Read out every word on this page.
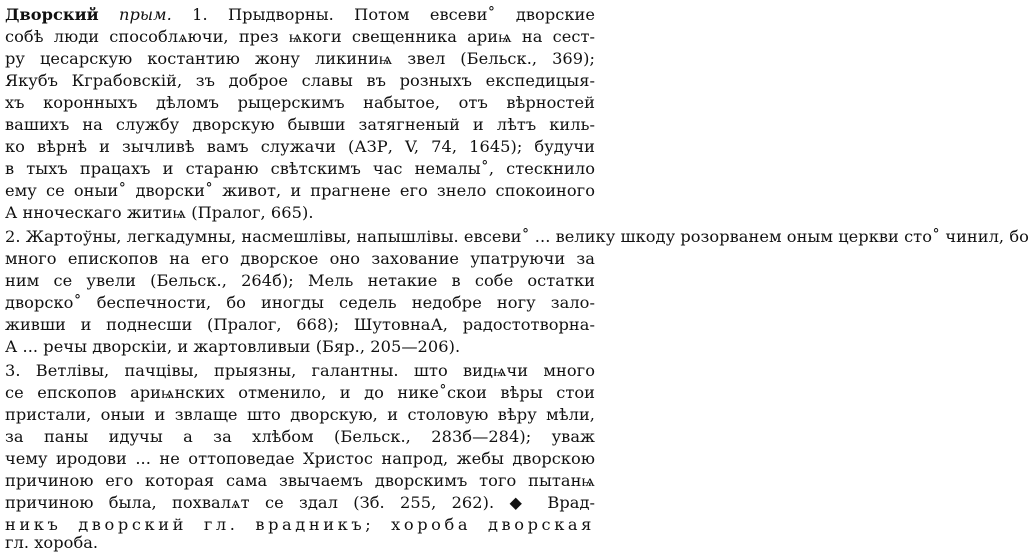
Дворский прым. 1. Прыдворны. Потом евсеви˚ дворские
собѣ люди способлѧючи, през ѩкоги свещенника ариѩ на сест-
ру цесарскую костантию жону ликиниѩ звел (Бельск., 369);
Якубъ Кграбовскій, зъ доброе славы въ розныхъ експедицыя-
хъ коронныхъ дѣломъ рыцерскимъ набытое, отъ вѣрностей
вашихъ на службу дворскую бывши затягненый и лѣтъ киль-
ко вѣрнѣ и зычливѣ вамъ служачи (АЗР, V, 74, 1645); будучи
в тыхъ працахъ и стараню свѣтскимъ час немалы˚, стескнило
ему се оныи˚ дворски˚ живот, и прагнене его знело спокоиного
А нноческаго житиѩ (Пралог, 665).
2. Жартоўны, легкадумны, насмешлівы, напышлівы. евсеви˚ ... велику шкоду розорванем оным церкви сто˚ чинил, бо
много епископов на его дворское оно захование упатруючи за
ним се увели (Бельск., 264б); Мель нетакие в собе остатки
дворско˚ беспечности, бо иногды седель недобре ногу зало-
живши и поднесши (Пралог, 668); ШутовнаА, радостотворна-
А ... речы дворскіи, и жартовливыи (Бяр., 205—206).
3. Ветлівы, пачцівы, прыязны, галантны. што видѩчи много
се епскопов ариѩнских отменило, и до нике˚скои вѣры стои
пристали, оныи и звлаще што дворскую, и столовую вѣру мѣли,
за паны идучы а за хлѣбом (Бельск., 283б—284); уваж
чему иродови ... не оттоповедае Христос напрод, жебы дворскою
причиною его которая сама звычаемъ дворскимъ того пытанѩ
причиною была, похвалѧт се здал (Зб. 255, 262). ◆ Врад-
никъ дворский гл. врадникъ; хороба дворская
гл. хороба.
